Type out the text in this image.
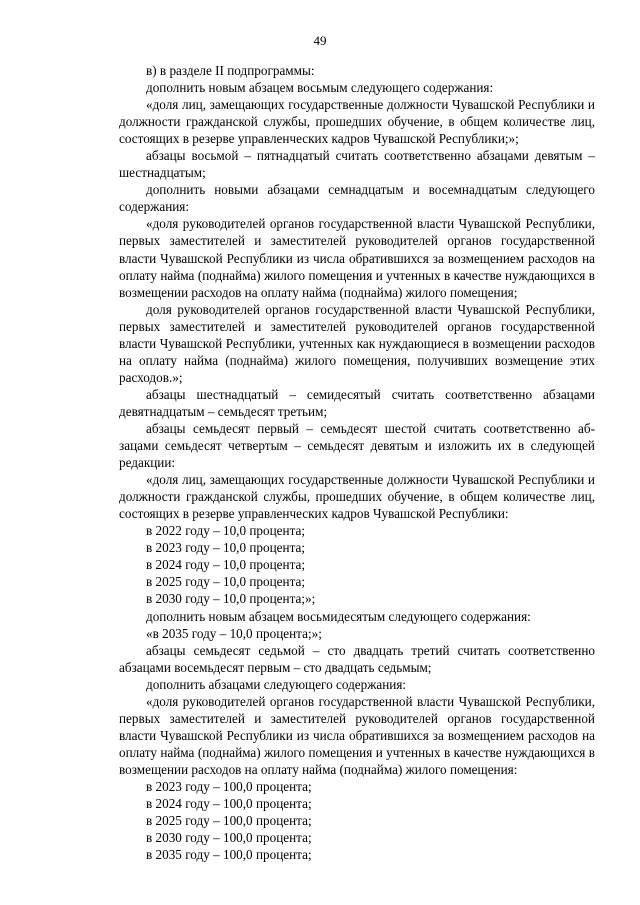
49

в) в разделе II подпрограммы:

дополнить новым абзацем восьмым следующего содержания:

«доля лиц, замещающих государственные должности Чувашской Республики и должности гражданской службы, прошедших обучение, в общем количестве лиц, состоящих в резерве управленческих кадров Чувашской Республики;»;

абзацы восьмой – пятнадцатый считать соответственно абзацами девятым – шестнадцатым;

дополнить новыми абзацами семнадцатым и восемнадцатым следующего содержания:

«доля руководителей органов государственной власти Чувашской Республики, первых заместителей и заместителей руководителей органов государственной власти Чувашской Республики из числа обратившихся за возмещением расходов на оплату найма (поднайма) жилого помещения и учтенных в качестве нуждающихся в возмещении расходов на оплату найма (поднайма) жилого помещения;

доля руководителей органов государственной власти Чувашской Республики, первых заместителей и заместителей руководителей органов государственной власти Чувашской Республики, учтенных как нуждающиеся в возмещении расходов на оплату найма (поднайма) жилого помещения, получивших возмещение этих расходов.»;

абзацы шестнадцатый – семидесятый считать соответственно абзацами девятнадцатым – семьдесят третьим;

абзацы семьдесят первый – семьдесят шестой считать соответственно абзацами семьдесят четвертым – семьдесят девятым и изложить их в следующей редакции:

«доля лиц, замещающих государственные должности Чувашской Республики и должности гражданской службы, прошедших обучение, в общем количестве лиц, состоящих в резерве управленческих кадров Чувашской Республики:

в 2022 году – 10,0 процента;

в 2023 году – 10,0 процента;

в 2024 году – 10,0 процента;

в 2025 году – 10,0 процента;

в 2030 году – 10,0 процента;»;

дополнить новым абзацем восьмидесятым следующего содержания:

«в 2035 году – 10,0 процента;»;

абзацы семьдесят седьмой – сто двадцать третий считать соответственно абзацами восемьдесят первым – сто двадцать седьмым;

дополнить абзацами следующего содержания:

«доля руководителей органов государственной власти Чувашской Республики, первых заместителей и заместителей руководителей органов государственной власти Чувашской Республики из числа обратившихся за возмещением расходов на оплату найма (поднайма) жилого помещения и учтенных в качестве нуждающихся в возмещении расходов на оплату найма (поднайма) жилого помещения:

в 2023 году – 100,0 процента;

в 2024 году – 100,0 процента;

в 2025 году – 100,0 процента;

в 2030 году – 100,0 процента;

в 2035 году – 100,0 процента;
